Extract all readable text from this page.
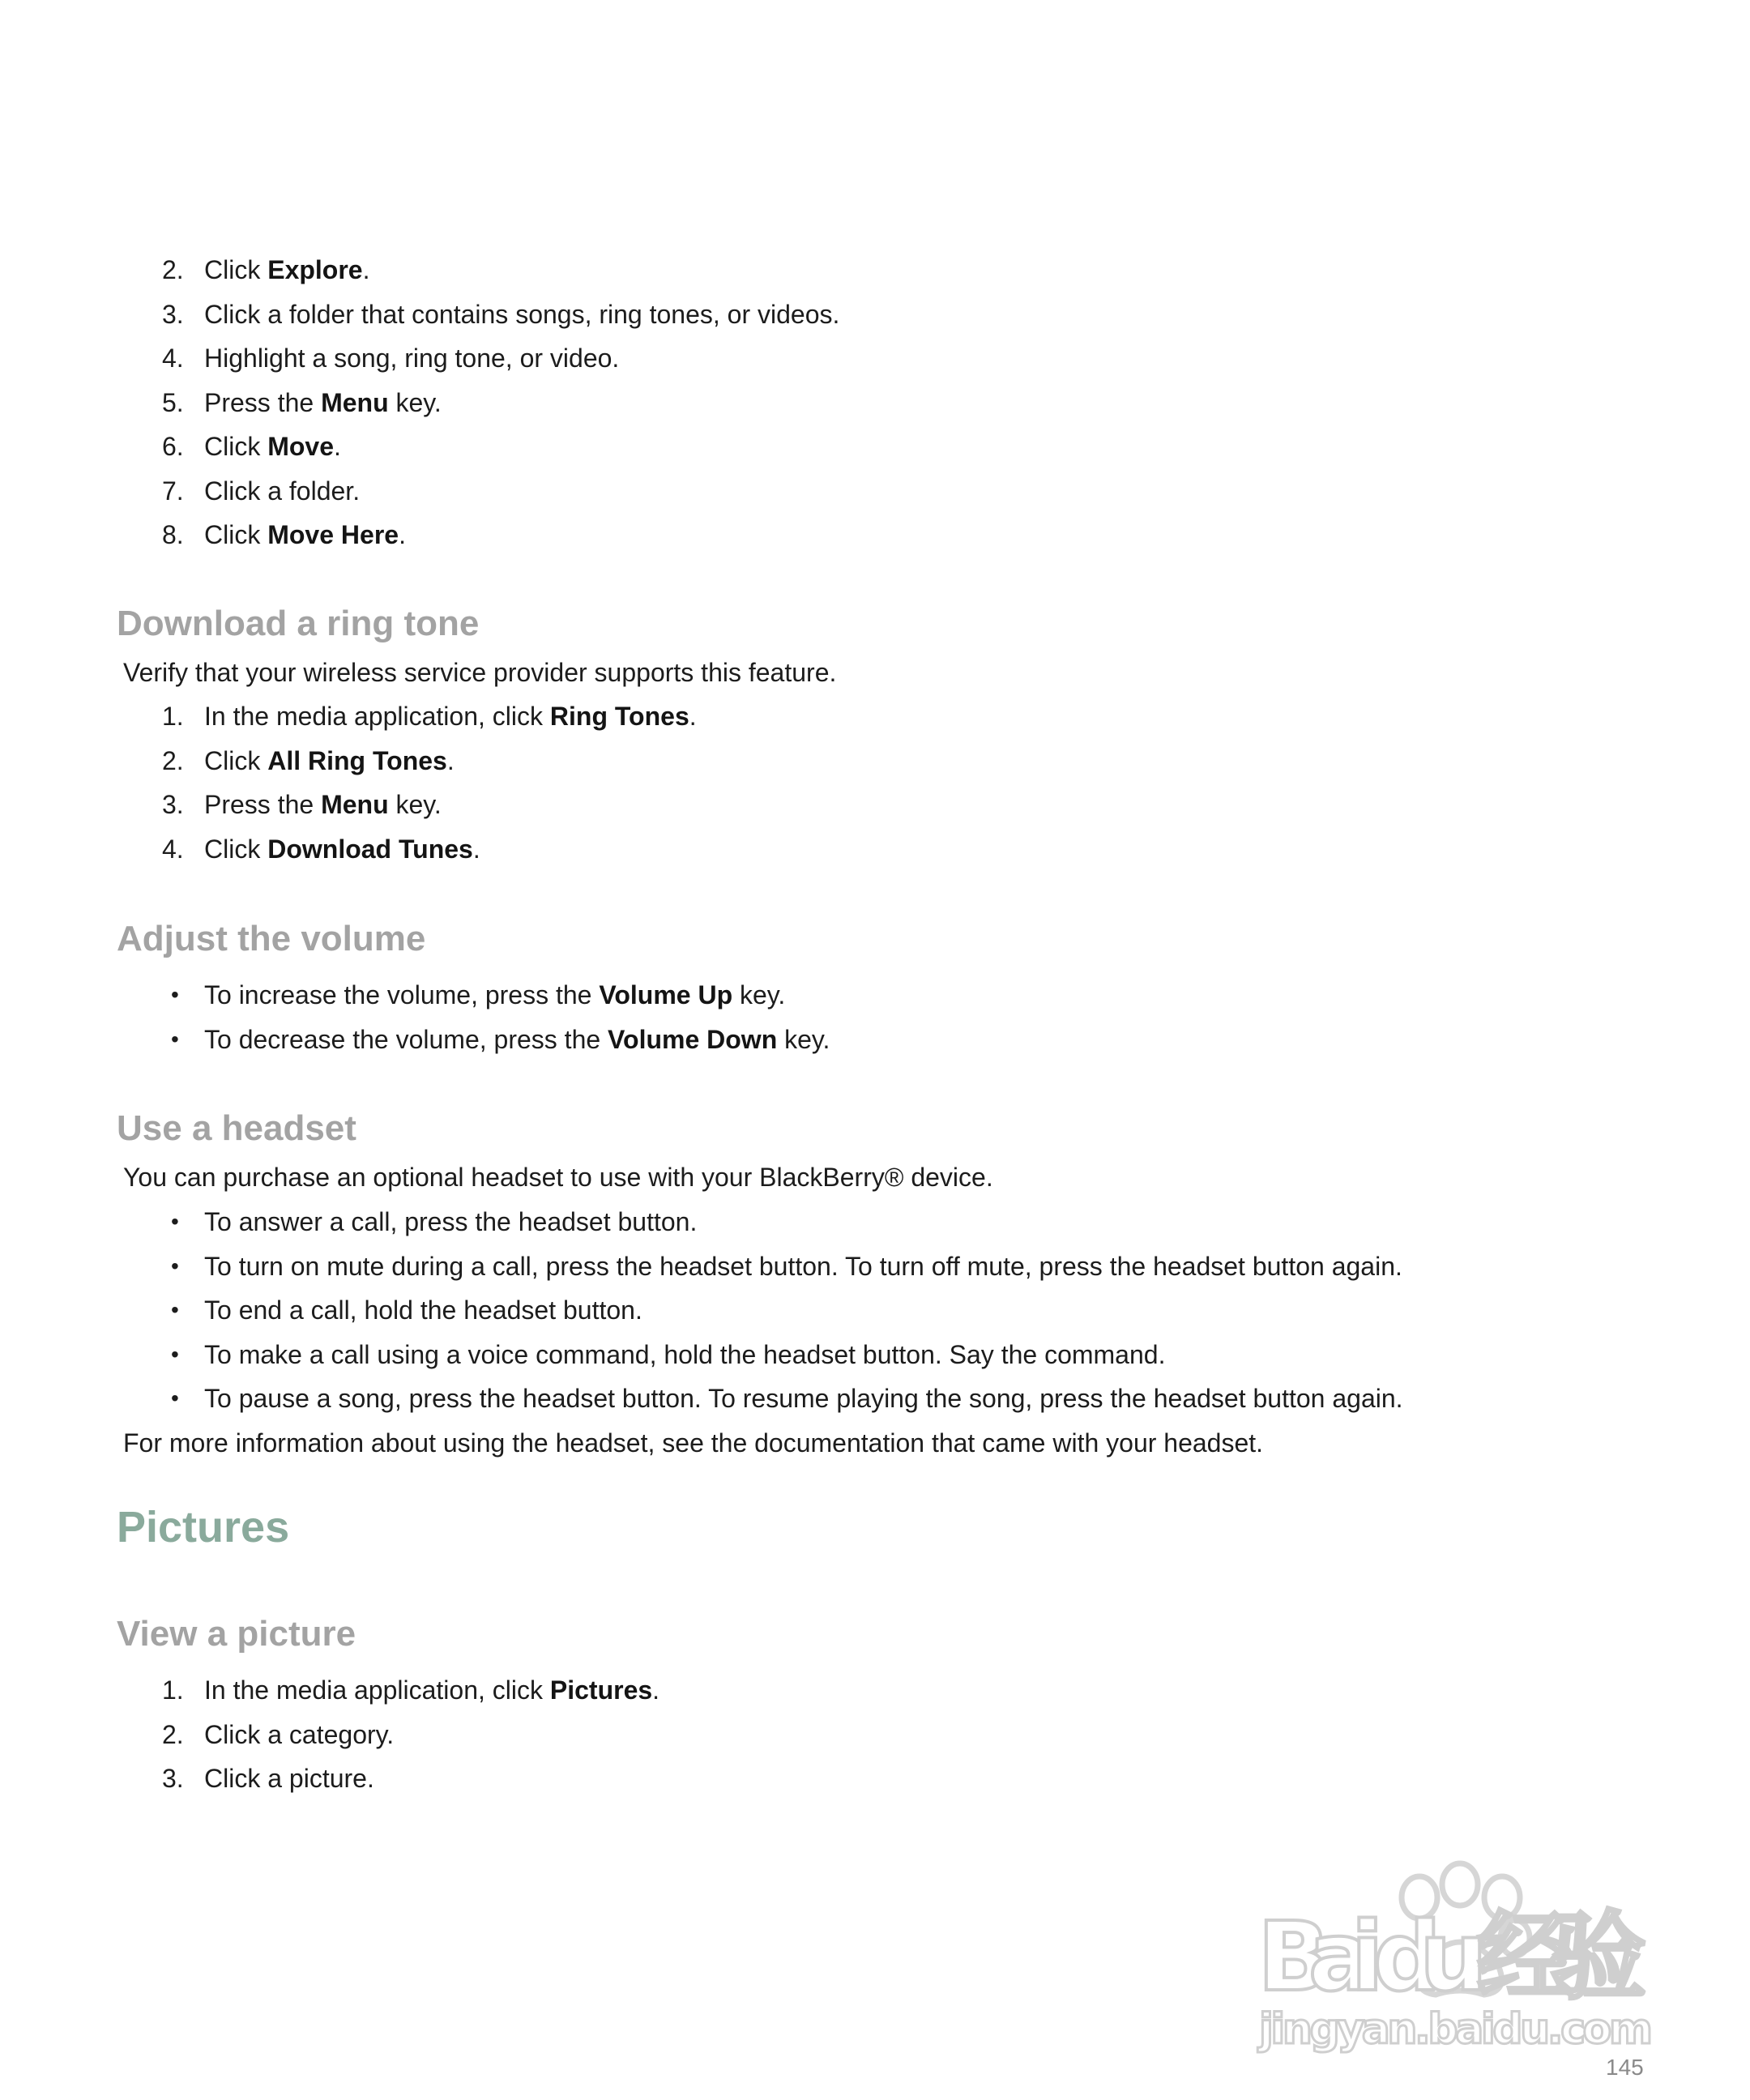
2. Click Explore.
3. Click a folder that contains songs, ring tones, or videos.
4. Highlight a song, ring tone, or video.
5. Press the Menu key.
6. Click Move.
7. Click a folder.
8. Click Move Here.
Download a ring tone

Verify that your wireless service provider supports this feature.

1. In the media application, click Ring Tones.
2. Click All Ring Tones.
3. Press the Menu key.
4. Click Download Tunes.
Adjust the volume
• To increase the volume, press the Volume Up key.
• To decrease the volume, press the Volume Down key.
Use a headset

You can purchase an optional headset to use with your BlackBerry® device.

• To answer a call, press the headset button.
• To turn on mute during a call, press the headset button. To turn off mute, press the headset button again.
• To end a call, hold the headset button.
• To make a call using a voice command, hold the headset button. Say the command.
• To pause a song, press the headset button. To resume playing the song, press the headset button again.

For more information about using the headset, see the documentation that came with your headset.

Pictures
View a picture
1. In the media application, click Pictures.
2. Click a category.
3. Click a picture.
Bai du 经验
jingyan.baidu.com
145
